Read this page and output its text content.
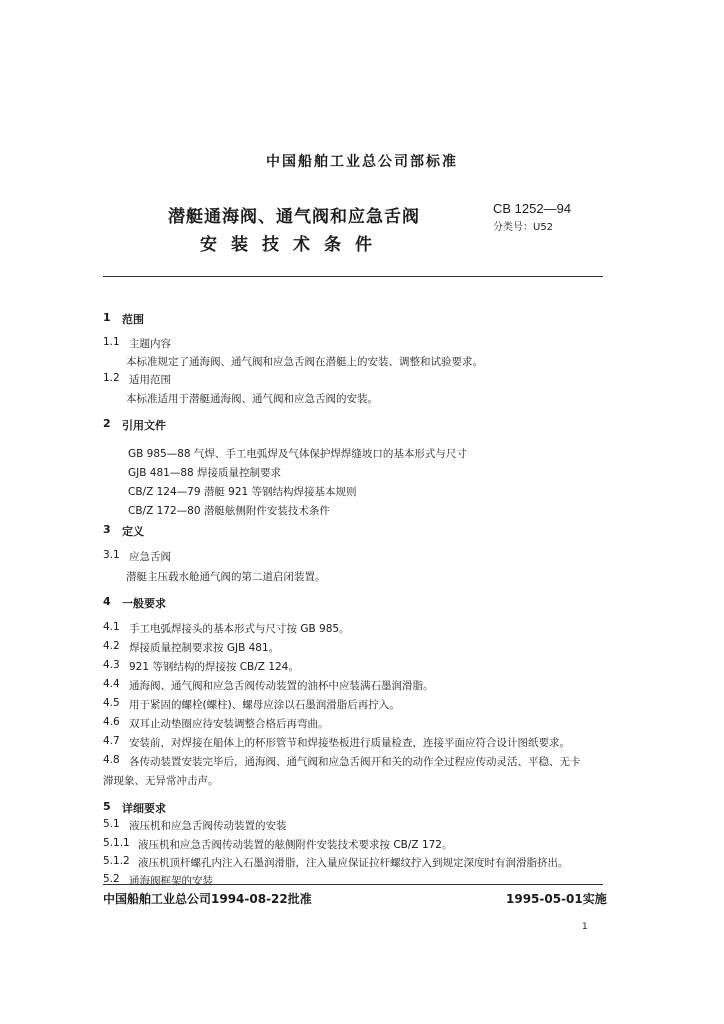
中国船舶工业总公司部标准
潜艇通海阀、通气阀和应急舌阀
安装技术条件
CB 1252—94
分类号：U52
1 范围
1.1 主题内容
本标准规定了通海阀、通气阀和应急舌阀在潜艇上的安装、调整和试验要求。
1.2 适用范围
本标准适用于潜艇通海阀、通气阀和应急舌阀的安装。
2 引用文件
GB 985—88 气焊、手工电弧焊及气体保护焊焊缝坡口的基本形式与尺寸
GJB 481—88 焊接质量控制要求
CB/Z 124—79 潜艇 921 等钢结构焊接基本规则
CB/Z 172—80 潜艇舷侧附件安装技术条件
3 定义
3.1 应急舌阀
潜艇主压载水舱通气阀的第二道启闭装置。
4 一般要求
4.1 手工电弧焊接头的基本形式与尺寸按 GB 985。
4.2 焊接质量控制要求按 GJB 481。
4.3 921 等钢结构的焊接按 CB/Z 124。
4.4 通海阀、通气阀和应急舌阀传动装置的油杯中应装满石墨润滑脂。
4.5 用于紧固的螺栓(螺柱)、螺母应涂以石墨润滑脂后再拧入。
4.6 双耳止动垫圈应待安装调整合格后再弯曲。
4.7 安装前，对焊接在船体上的杯形管节和焊接垫板进行质量检查，连接平面应符合设计图纸要求。
4.8 各传动装置安装完毕后，通海阀、通气阀和应急舌阀开和关的动作全过程应传动灵活、平稳、无卡
滞现象、无异常冲击声。
5 详细要求
5.1 液压机和应急舌阀传动装置的安装
5.1.1 液压机和应急舌阀传动装置的舷侧附件安装技术要求按 CB/Z 172。
5.1.2 液压机顶杆螺孔内注入石墨润滑脂，注入量应保证拉杆螺纹拧入到规定深度时有润滑脂挤出。
5.2 通海阀框架的安装
中国船舶工业总公司1994-08-22批准	1995-05-01实施
1
